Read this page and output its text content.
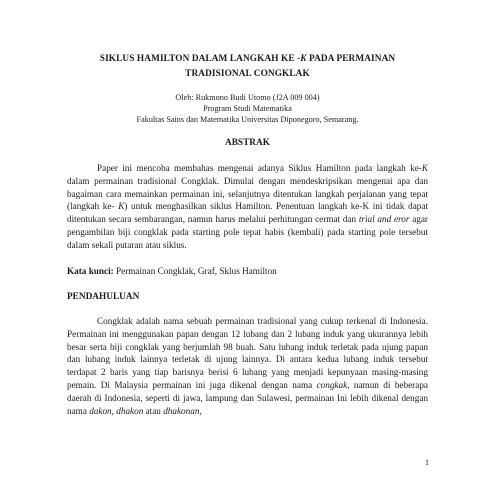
SIKLUS HAMILTON DALAM LANGKAH KE -K PADA PERMAINAN
TRADISIONAL CONGKLAK
Oleh: Rukmono Budi Utomo (J2A 009 004)
Program Studi Matematika
Fakultas Sains dan Matematika Universitas Diponegoro, Semarang.
ABSTRAK

Paper ini mencoba membahas mengenai adanya Siklus Hamilton pada langkah ke-K dalam permainan tradisional Congklak. Dimulai dengan mendeskripsikan mengenai apa dan bagaiman cara memainkan permainan ini, selanjutnya ditentukan langkah perjalanan yang tepat (langkah ke- K) untuk menghasilkan siklus Hamilton. Penentuan langkah ke-K ini tidak dapat ditentukan secara sembarangan, namun harus melalui perhitungan cermat dan trial and eror agar pengambilan biji congklak pada starting pole tepat habis (kembali) pada starting pole tersebut dalam sekali putaran atau siklus.

Kata kunci: Permainan Congklak, Graf, Sklus Hamilton
PENDAHULUAN

Congklak adalah nama sebuah permainan tradisional yang cukup terkenal di Indonesia. Permainan ini menggunakan papan dengan 12 lubang dan 2 lubang induk yang ukurannya lebih besar serta biji congklak yang berjumlah 98 buah. Satu lubang induk terletak pada ujung papan dan lubang induk lainnya terletak di ujung lainnya. Di antara kedua lubang induk tersebut terdapat 2 baris yang tiap barisnya berisi 6 lubang yang menjadi kepunyaan masing-masing pemain. Di Malaysia permainan ini juga dikenal dengan nama congkak, namun di beberapa daerah di Indonesia, seperti di jawa, lampung dan Sulawesi, permainan Ini lebih dikenal dengan nama dakon, dhakon atau dhakonan,

1
